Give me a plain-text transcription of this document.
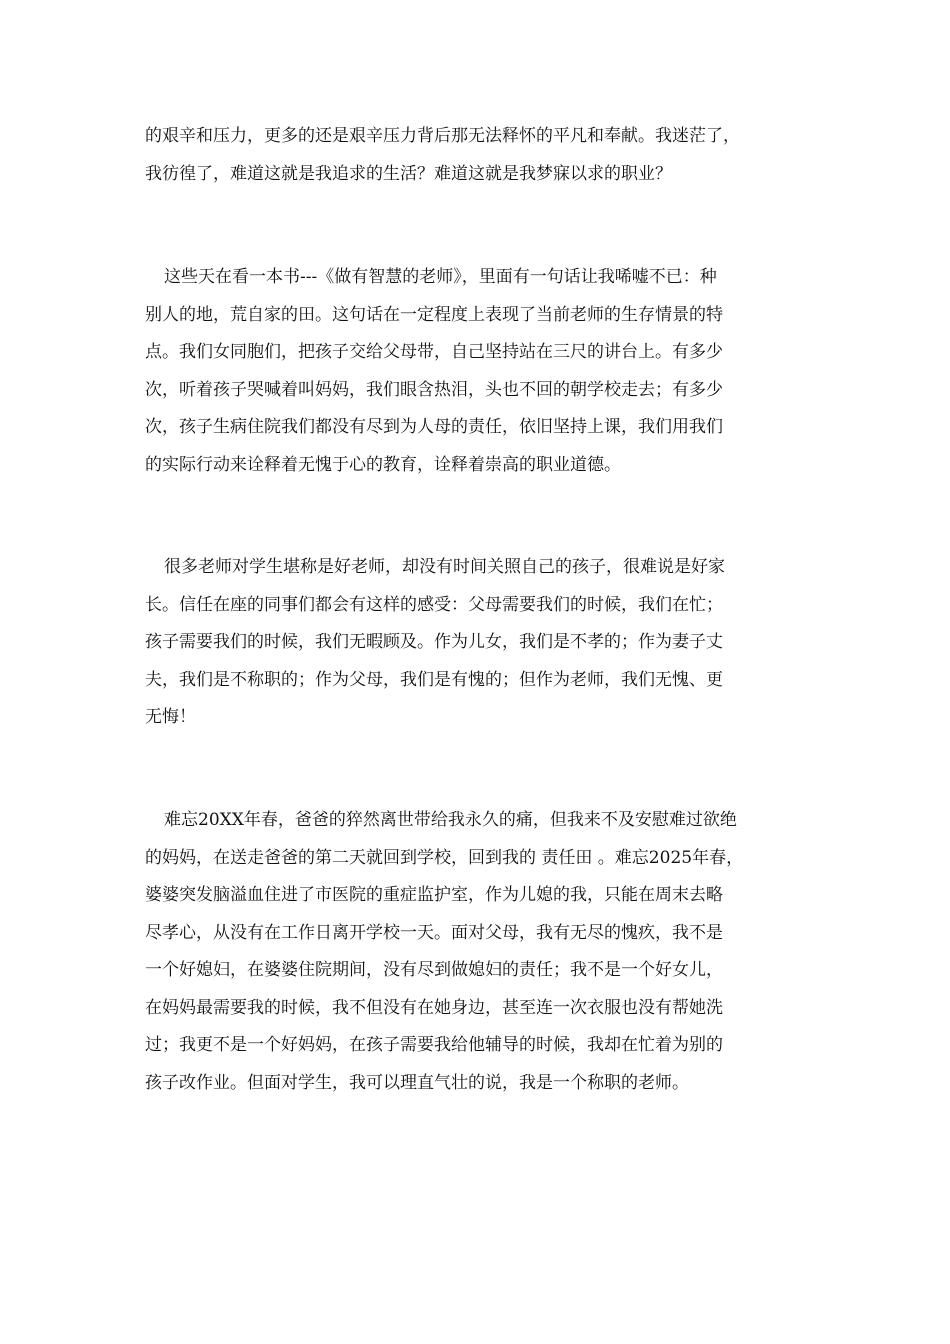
的艰辛和压力，更多的还是艰辛压力背后那无法释怀的平凡和奉献。我迷茫了，
我彷徨了，难道这就是我追求的生活？难道这就是我梦寐以求的职业？
这些天在看一本书---《做有智慧的老师》，里面有一句话让我唏嘘不已：种
别人的地，荒自家的田。这句话在一定程度上表现了当前老师的生存情景的特
点。我们女同胞们，把孩子交给父母带，自己坚持站在三尺的讲台上。有多少
次，听着孩子哭喊着叫妈妈，我们眼含热泪，头也不回的朝学校走去；有多少
次，孩子生病住院我们都没有尽到为人母的责任，依旧坚持上课，我们用我们
的实际行动来诠释着无愧于心的教育，诠释着崇高的职业道德。
很多老师对学生堪称是好老师，却没有时间关照自己的孩子，很难说是好家
长。信任在座的同事们都会有这样的感受：父母需要我们的时候，我们在忙；
孩子需要我们的时候，我们无暇顾及。作为儿女，我们是不孝的；作为妻子丈
夫，我们是不称职的；作为父母，我们是有愧的；但作为老师，我们无愧、更
无悔！
难忘20XX年春，爸爸的猝然离世带给我永久的痛，但我来不及安慰难过欲绝
的妈妈，在送走爸爸的第二天就回到学校，回到我的 责任田 。难忘2025年春，
婆婆突发脑溢血住进了市医院的重症监护室，作为儿媳的我，只能在周末去略
尽孝心，从没有在工作日离开学校一天。面对父母，我有无尽的愧疚，我不是
一个好媳妇，在婆婆住院期间，没有尽到做媳妇的责任；我不是一个好女儿，
在妈妈最需要我的时候，我不但没有在她身边，甚至连一次衣服也没有帮她洗
过；我更不是一个好妈妈，在孩子需要我给他辅导的时候，我却在忙着为别的
孩子改作业。但面对学生，我可以理直气壮的说，我是一个称职的老师。
